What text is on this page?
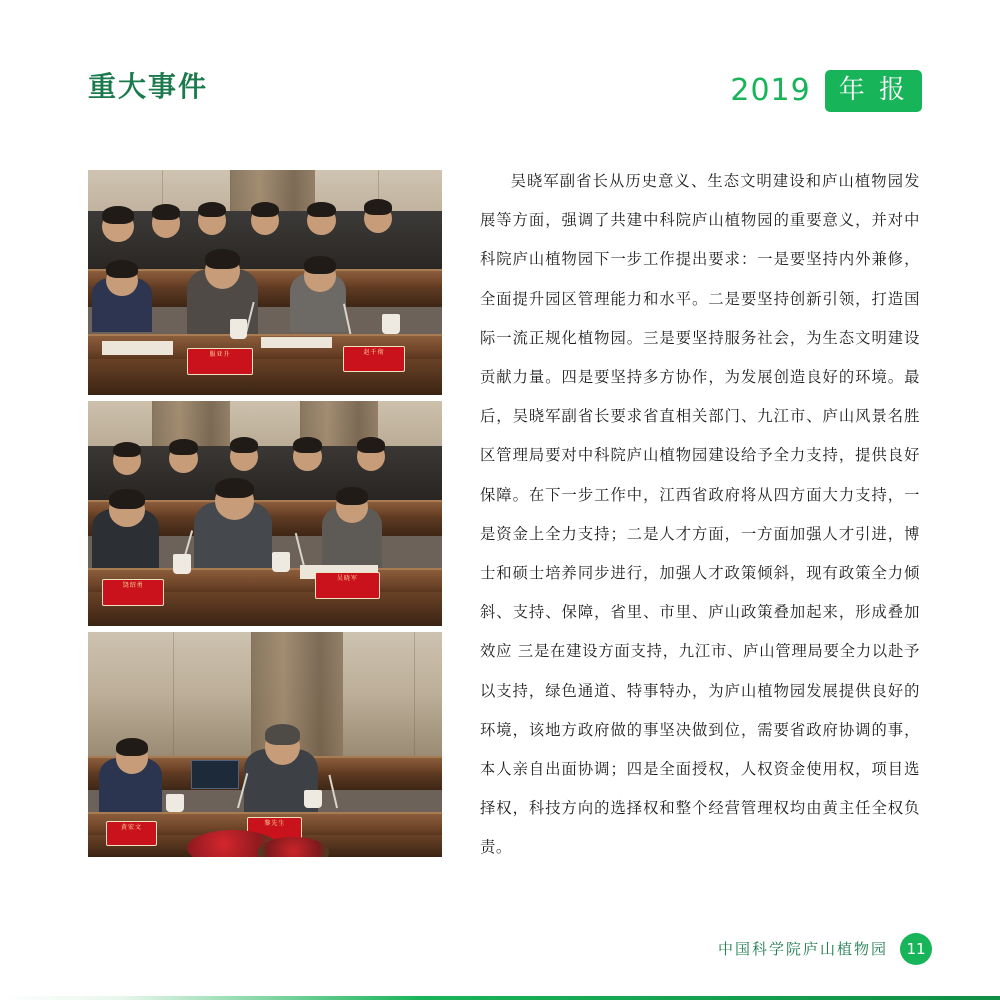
重大事件	2019	年 报
服亚升	赵千彻
饶绍勇
吴晓军
黄宏文
黎先生

吴晓军副省长从历史意义、生态文明建设和庐山植物园发展等方面，强调了共建中科院庐山植物园的重要意义，并对中科院庐山植物园下一步工作提出要求：一是要坚持内外兼修，全面提升园区管理能力和水平。二是要坚持创新引领，打造国际一流正规化植物园。三是要坚持服务社会，为生态文明建设贡献力量。四是要坚持多方协作，为发展创造良好的环境。最后，吴晓军副省长要求省直相关部门、九江市、庐山风景名胜区管理局要对中科院庐山植物园建设给予全力支持，提供良好保障。在下一步工作中，江西省政府将从四方面大力支持，一是资金上全力支持；二是人才方面，一方面加强人才引进，博士和硕士培养同步进行，加强人才政策倾斜，现有政策全力倾斜、支持、保障，省里、市里、庐山政策叠加起来，形成叠加效应 三是在建设方面支持，九江市、庐山管理局要全力以赴予以支持，绿色通道、特事特办，为庐山植物园发展提供良好的环境，该地方政府做的事坚决做到位，需要省政府协调的事，本人亲自出面协调；四是全面授权，人权资金使用权，项目选择权，科技方向的选择权和整个经营管理权均由黄主任全权负责。

中国科学院庐山植物园	11
